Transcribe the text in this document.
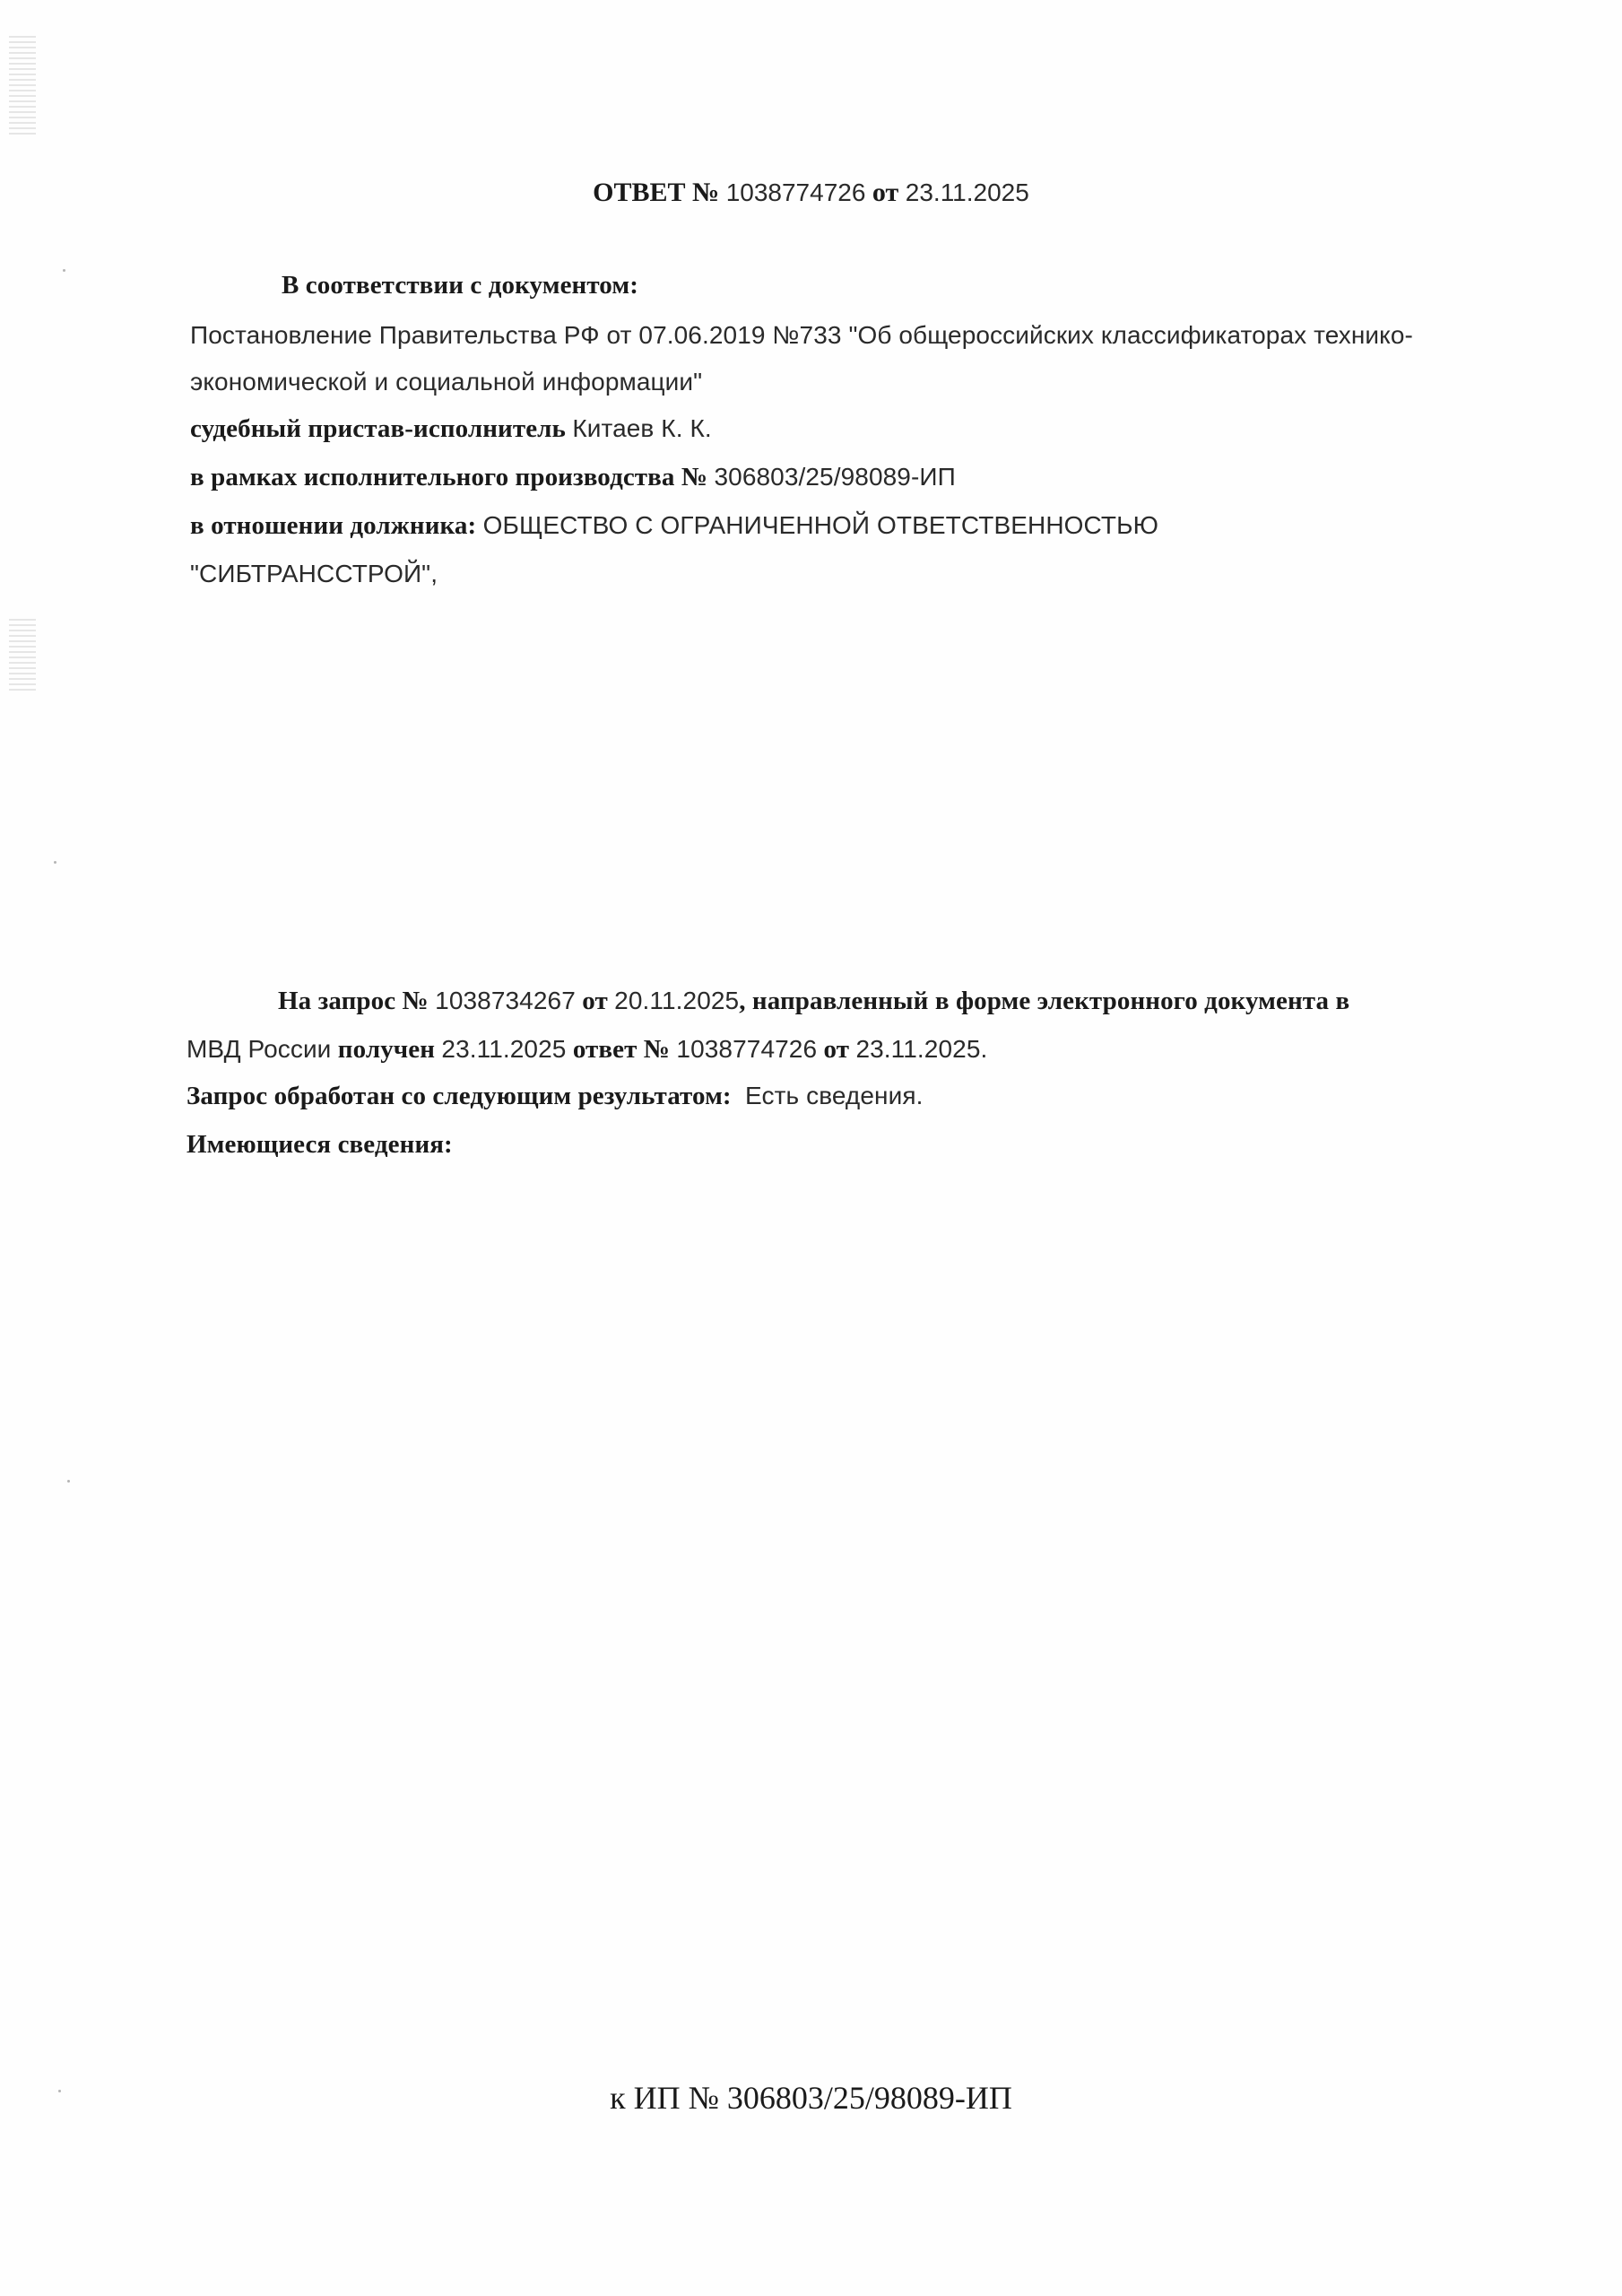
ОТВЕТ № 1038774726 от 23.11.2025
В соответствии с документом:
Постановление Правительства РФ от 07.06.2019 №733 "Об общероссийских классификаторах технико-
экономической и социальной информации"
судебный пристав-исполнитель Китаев К. К.
в рамках исполнительного производства № 306803/25/98089-ИП
в отношении должника: ОБЩЕСТВО С ОГРАНИЧЕННОЙ ОТВЕТСТВЕННОСТЬЮ
"СИБТРАНССТРОЙ",
На запрос № 1038734267 от 20.11.2025, направленный в форме электронного документа в
МВД России получен 23.11.2025 ответ № 1038774726 от 23.11.2025.
Запрос обработан со следующим результатом: Есть сведения.
Имеющиеся сведения:
к ИП № 306803/25/98089-ИП
